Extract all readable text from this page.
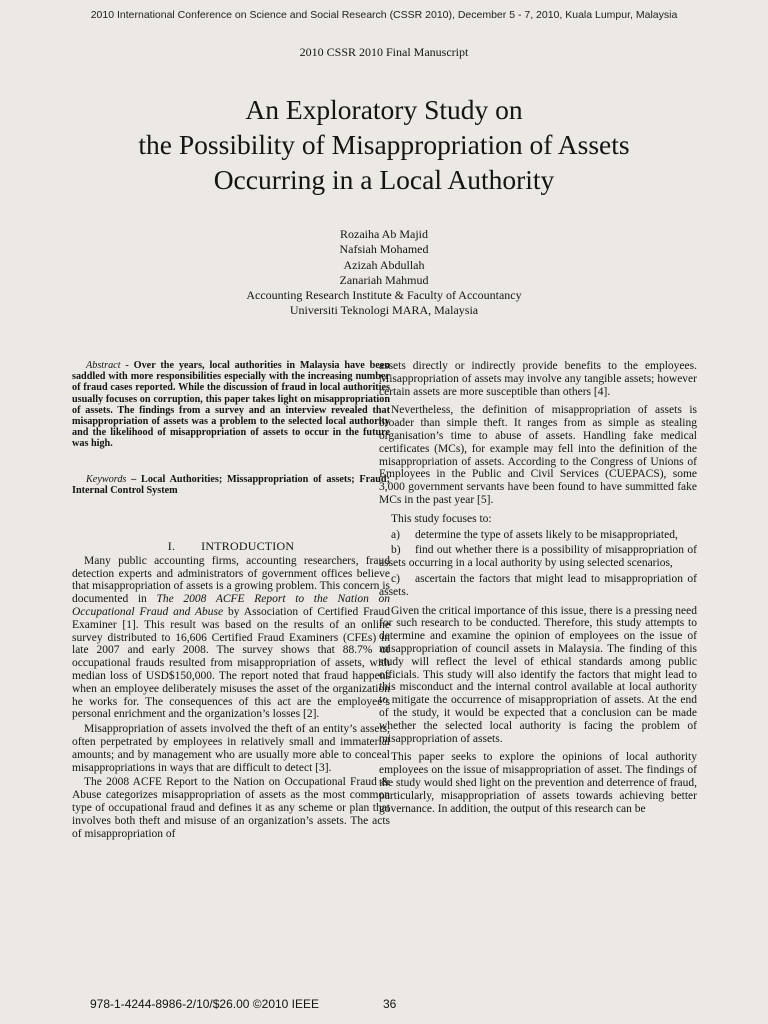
2010 International Conference on Science and Social Research (CSSR 2010), December 5 - 7, 2010, Kuala Lumpur, Malaysia
2010 CSSR 2010 Final Manuscript
An Exploratory Study on
the Possibility of Misappropriation of Assets
Occurring in a Local Authority
Rozaiha Ab Majid
Nafsiah Mohamed
Azizah Abdullah
Zanariah Mahmud
Accounting Research Institute & Faculty of Accountancy
Universiti Teknologi MARA, Malaysia

Abstract - Over the years, local authorities in Malaysia have been saddled with more responsibilities especially with the increasing number of fraud cases reported. While the discussion of fraud in local authorities usually focuses on corruption, this paper takes light on misappropriation of assets. The findings from a survey and an interview revealed that misappropriation of assets was a problem to the selected local authority and the likelihood of misappropriation of assets to occur in the future was high.

Keywords – Local Authorities; Missappropriation of assets; Fraud; Internal Control System

I. INTRODUCTION

Many public accounting firms, accounting researchers, fraud detection experts and administrators of government offices believe that misappropriation of assets is a growing problem. This concern is documented in The 2008 ACFE Report to the Nation on Occupational Fraud and Abuse by Association of Certified Fraud Examiner [1]. This result was based on the results of an online survey distributed to 16,606 Certified Fraud Examiners (CFEs) in late 2007 and early 2008. The survey shows that 88.7% of occupational frauds resulted from misappropriation of assets, with median loss of USD$150,000. The report noted that fraud happens when an employee deliberately misuses the asset of the organization he works for. The consequences of this act are the employee’s personal enrichment and the organization’s losses [2].

Misappropriation of assets involved the theft of an entity’s assets, often perpetrated by employees in relatively small and immaterial amounts; and by management who are usually more able to conceal misappropriations in ways that are difficult to detect [3].

The 2008 ACFE Report to the Nation on Occupational Fraud & Abuse categorizes misappropriation of assets as the most common type of occupational fraud and defines it as any scheme or plan that involves both theft and misuse of an organization’s assets. The acts of misappropriation of

assets directly or indirectly provide benefits to the employees. Misappropriation of assets may involve any tangible assets; however certain assets are more susceptible than others [4].

Nevertheless, the definition of misappropriation of assets is broader than simple theft. It ranges from as simple as stealing organisation’s time to abuse of assets. Handling fake medical certificates (MCs), for example may fell into the definition of the misappropriation of assets. According to the Congress of Unions of Employees in the Public and Civil Services (CUEPACS), some 3,000 government servants have been found to have summitted fake MCs in the past year [5].

This study focuses to:

a) determine the type of assets likely to be misappropriated,
b) find out whether there is a possibility of misappropriation of assets occurring in a local authority by using selected scenarios,
c) ascertain the factors that might lead to misappropriation of assets.

Given the critical importance of this issue, there is a pressing need for such research to be conducted. Therefore, this study attempts to determine and examine the opinion of employees on the issue of misappropriation of council assets in Malaysia. The finding of this study will reflect the level of ethical standards among public officials. This study will also identify the factors that might lead to this misconduct and the internal control available at local authority to mitigate the occurrence of misappropriation of assets. At the end of the study, it would be expected that a conclusion can be made whether the selected local authority is facing the problem of misappropriation of assets.

This paper seeks to explore the opinions of local authority employees on the issue of misappropriation of asset. The findings of the study would shed light on the prevention and deterrence of fraud, particularly, misappropriation of assets towards achieving better governance. In addition, the output of this research can be

978-1-4244-8986-2/10/$26.00 ©2010 IEEE	36
